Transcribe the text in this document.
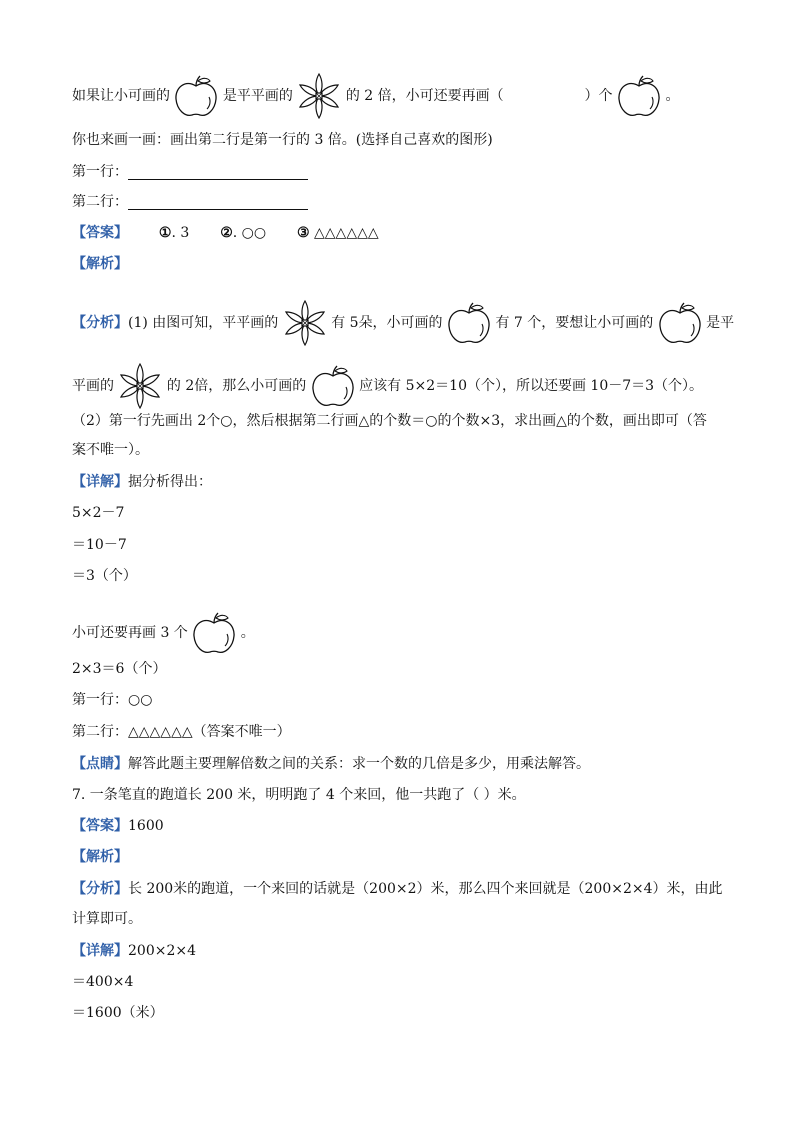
如果让小可画的	是平平画的	的 2 倍，小可还要再画（	）个	。
你也来画一画：画出第二行是第一行的 3 倍。(选择自己喜欢的图形)
第一行：
第二行：
【答案】 ①. 3 ②. ○○ ③ △△△△△△
【解析】
【分析】(1) 由图可知，平平画的	有 5朵，小可画的	有 7 个，要想让小可画的	是平
平画的	的 2倍，那么小可画的	应该有 5×2＝10（个），所以还要画 10－7＝3（个）。
（2）第一行先画出 2个○，然后根据第二行画△的个数＝○的个数×3，求出画△的个数，画出即可（答
案不唯一）。
【详解】据分析得出：
5×2－7
＝10－7
＝3（个）
小可还要再画 3 个	。
2×3＝6（个）
第一行：○○
第二行：△△△△△△（答案不唯一）
【点睛】解答此题主要理解倍数之间的关系：求一个数的几倍是多少，用乘法解答。
7. 一条笔直的跑道长 200 米，明明跑了 4 个来回，他一共跑了（ ）米。
【答案】1600
【解析】
【分析】长 200米的跑道，一个来回的话就是（200×2）米，那么四个来回就是（200×2×4）米，由此
计算即可。
【详解】200×2×4
＝400×4
＝1600（米）
